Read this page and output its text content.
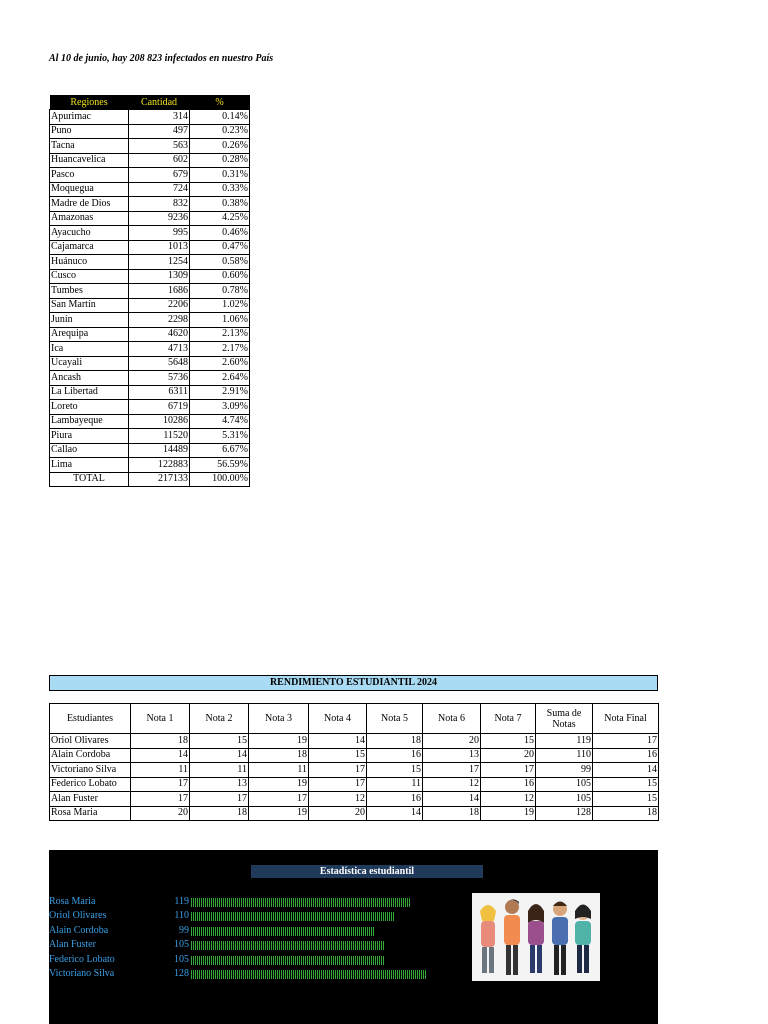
Al 10 de junio, hay 208 823 infectados en nuestro País
Regiones	Cantidad	%
Apurimac	314	0.14%
Puno	497	0.23%
Tacna	563	0.26%
Huancavelica	602	0.28%
Pasco	679	0.31%
Moquegua	724	0.33%
Madre de Dios	832	0.38%
Amazonas	9236	4.25%
Ayacucho	995	0.46%
Cajamarca	1013	0.47%
Huánuco	1254	0.58%
Cusco	1309	0.60%
Tumbes	1686	0.78%
San Martín	2206	1.02%
Junín	2298	1.06%
Arequipa	4620	2.13%
Ica	4713	2.17%
Ucayali	5648	2.60%
Ancash	5736	2.64%
La Libertad	6311	2.91%
Loreto	6719	3.09%
Lambayeque	10286	4.74%
Piura	11520	5.31%
Callao	14489	6.67%
Lima	122883	56.59%
TOTAL	217133	100.00%
RENDIMIENTO ESTUDIANTIL 2024
Estudiantes	Nota 1	Nota 2	Nota 3	Nota 4	Nota 5	Nota 6	Nota 7	Suma de Notas	Nota Final
Oriol Olivares	18	15	19	14	18	20	15	119	17
Alain Cordoba	14	14	18	15	16	13	20	110	16
Victoriano Silva	11	11	11	17	15	17	17	99	14
Federico Lobato	17	13	19	17	11	12	16	105	15
Alan Fuster	17	17	17	12	16	14	12	105	15
Rosa Maria	20	18	19	20	14	18	19	128	18
Estadística estudiantil
Rosa Maria	119
Oriol Olivares	110
Alain Cordoba	99
Alan Fuster	105
Federico Lobato	105
Victoriano Silva	128
